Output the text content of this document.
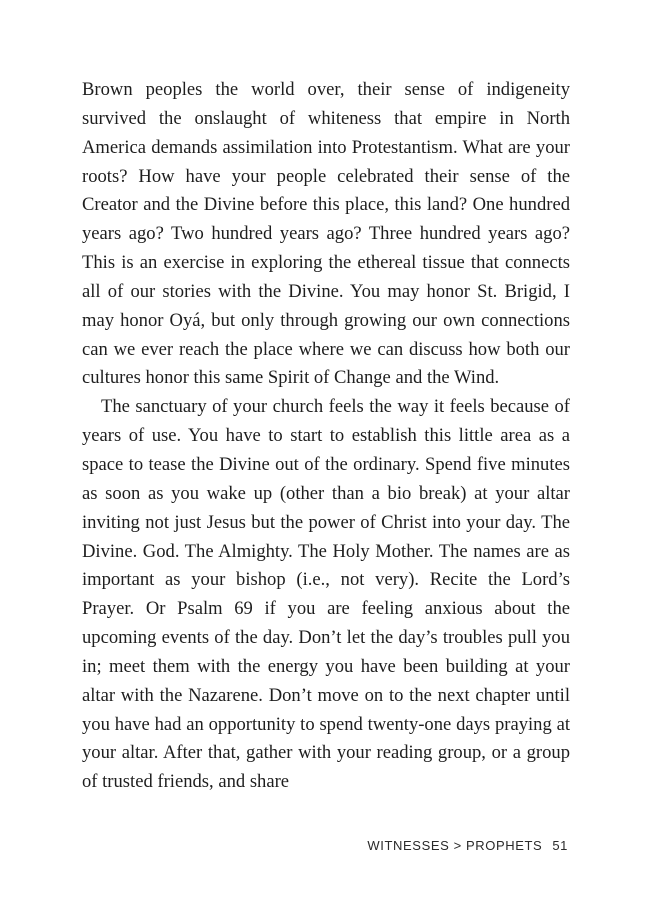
Brown peoples the world over, their sense of indigeneity survived the onslaught of whiteness that empire in North America demands assimilation into Protestantism. What are your roots? How have your people celebrated their sense of the Creator and the Divine before this place, this land? One hundred years ago? Two hundred years ago? Three hundred years ago? This is an exercise in exploring the ethereal tissue that connects all of our stories with the Divine. You may honor St. Brigid, I may honor Oyá, but only through growing our own connections can we ever reach the place where we can discuss how both our cultures honor this same Spirit of Change and the Wind.

The sanctuary of your church feels the way it feels because of years of use. You have to start to establish this little area as a space to tease the Divine out of the ordinary. Spend five minutes as soon as you wake up (other than a bio break) at your altar inviting not just Jesus but the power of Christ into your day. The Divine. God. The Almighty. The Holy Mother. The names are as important as your bishop (i.e., not very). Recite the Lord’s Prayer. Or Psalm 69 if you are feeling anxious about the upcoming events of the day. Don’t let the day’s troubles pull you in; meet them with the energy you have been building at your altar with the Nazarene. Don’t move on to the next chapter until you have had an opportunity to spend twenty-one days praying at your altar. After that, gather with your reading group, or a group of trusted friends, and share

WITNESSES > PROPHETS 51
